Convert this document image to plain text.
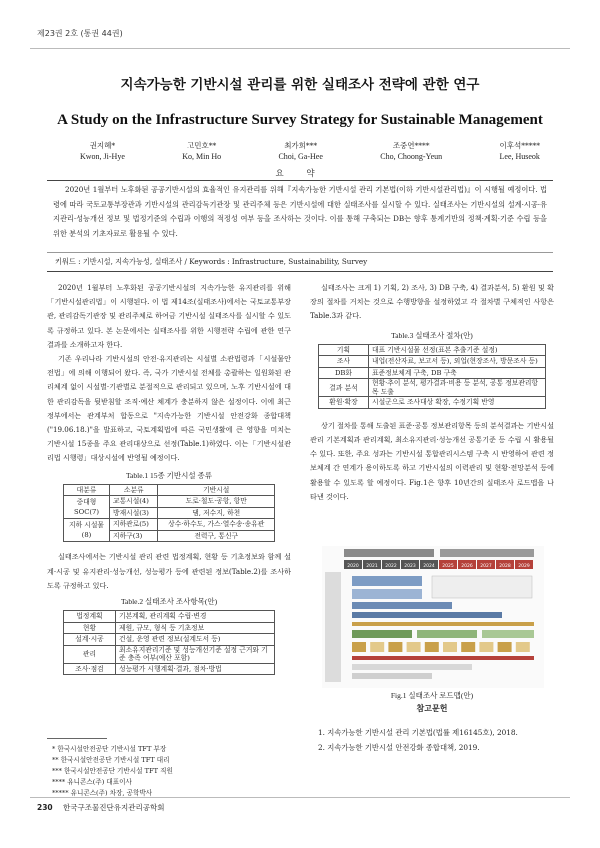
제23권 2호 (통권 44권)
지속가능한 기반시설 관리를 위한 실태조사 전략에 관한 연구
A Study on the Infrastructure Survey Strategy for Sustainable Management
권지혜*
Kwon, Ji-Hye
고민호**
Ko, Min Ho
최가희***
Choi, Ga-Hee
조중연****
Cho, Choong-Yeun
이후석*****
Lee, Huseok
요 약
2020년 1월부터 노후화된 공공기반시설의 효율적인 유지관리를 위해『지속가능한 기반시설 관리 기본법(이하 기반시설관리법)』이 시행될 예정이다. 법령에 따라 국토교통부장관과 기반시설의 관리감독기관장 및 관리주체 등은 기반시설에 대한 실태조사를 실시할 수 있다. 실태조사는 기반시설의 설계·시공·유지관리·성능개선 정보 및 법정기준의 수립과 이행의 적정성 여부 등을 조사하는 것이다. 이를 통해 구축되는 DB는 향후 통계기반의 정책·계획·기준 수립 등을 위한 분석의 기초자료로 활용될 수 있다.
키워드 : 기반시설, 지속가능성, 실태조사 / Keywords : Infrastructure, Sustainability, Survey

2020년 1월부터 노후화된 공공기반시설의 지속가능한 유지관리를 위해「기반시설관리법」이 시행된다. 이 법 제14조(실태조사)에서는 국토교통부장관, 관리감독기관장 및 관리주체로 하여금 기반시설 실태조사를 실시할 수 있도록 규정하고 있다. 본 논문에서는 실태조사를 위한 시행전략 수립에 관한 연구결과를 소개하고자 한다.

기존 우리나라 기반시설의 안전·유지관리는 시설별 소관법령과「시설물안전법」에 의해 이행되어 왔다. 즉, 국가 기반시설 전체를 총괄하는 일원화된 관리체계 없이 시설별·기관별로 분절적으로 관리되고 있으며, 노후 기반시설에 대한 관리감독을 뒷받침할 조직·예산 체계가 충분하지 않은 설정이다. 이에 최근 정부에서는 관계부처 합동으로 "지속가능한 기반시설 안전강화 종합대책("19.06.18.)"을 발표하고, 국토계획법에 따른 국민생활에 큰 영향을 미치는 기반시설 15종을 주요 관리대상으로 선정(Table.1)하였다. 이는「기반시설관리법 시행령」대상시설에 반영될 예정이다.

Table.1 15종 기반시설 종류
대분류	소분류	기반시설
중대형 SOC(7)	교통시설(4)	도로·철도·공항, 항만
	방재시설(3)	댐, 저수지, 하천
지하 시설물(8)	지하관로(5)	상수·하수도, 가스·열수송·송유관
	지하구(3)	전력구, 통신구

실태조사에서는 기반시설 관리 관련 법정계획, 현황 등 기초정보와 함께 설계·시공 및 유지관리·성능개선, 성능평가 등에 관련된 정보(Table.2)를 조사하도록 규정하고 있다.

Table.2 실태조사 조사항목(안)
법정계획	기본계획, 관리계획 수립·변경
현황	제원, 규모, 형식 등 기초정보
설계·시공	건설, 운영 관련 정보(설계도서 등)
관리	최소유지관리기준 및 성능개선기준 설정 근거와 기준 충족 여부(예산 포함)
조사·점검	성능평가 시행계획·결과, 점차·방법
* 한국시설안전공단 기반시설 TFT 부장
** 한국시설안전공단 기반시설 TFT 대리
*** 한국시설안전공단 기반시설 TFT 직원
**** 유니콘스(주) 대표이사
***** 유니콘스(주) 차장, 공학박사

실태조사는 크게 1) 기획, 2) 조사, 3) DB 구축, 4) 결과분석, 5) 환원 및 확장의 절차를 거치는 것으로 수행방향을 설정하였고 각 절차별 구체적인 사항은 Table.3과 같다.

Table.3 실태조사 절차(안)
기획	대표 기반시설물 선정(표본 추출기준 설정)
조사	내업(전산자료, 보고서 등), 외업(현장조사, 방문조사 등)
DB화	표준정보체계 구축, DB 구축
결과 분석	현황·추이 분석, 평가결과·비용 등 분석, 공통 정보관리항목 도출
환원·확장	시설군으로 조사대상 확장, 수정기획 반영

상기 절차를 통해 도출된 표준·공통 정보관리항목 등의 분석결과는 기반시설 관리 기본계획과 관리계획, 최소유지관리·성능개선 공통기준 등 수립 시 활용될 수 있다. 또한, 주요 성과는 기반시설 통합관리시스템 구축 시 반영하여 관련 정보체계 간 연계가 용이하도록 하고 기반시설의 이력관리 및 현황·전망분석 등에 활용할 수 있도록 할 예정이다. Fig.1은 향후 10년간의 실태조사 로드맵을 나타낸 것이다.

2020 2021 2022 2023 2024 2025 2026 2027 2028 2029
Fig.1 실태조사 로드맵(안)
참고문헌
1. 지속가능한 기반시설 관리 기본법(법률 제16145호), 2018.
2. 지속가능한 기반시설 안전강화 종합대책, 2019.
230 한국구조물진단유지관리공학회
